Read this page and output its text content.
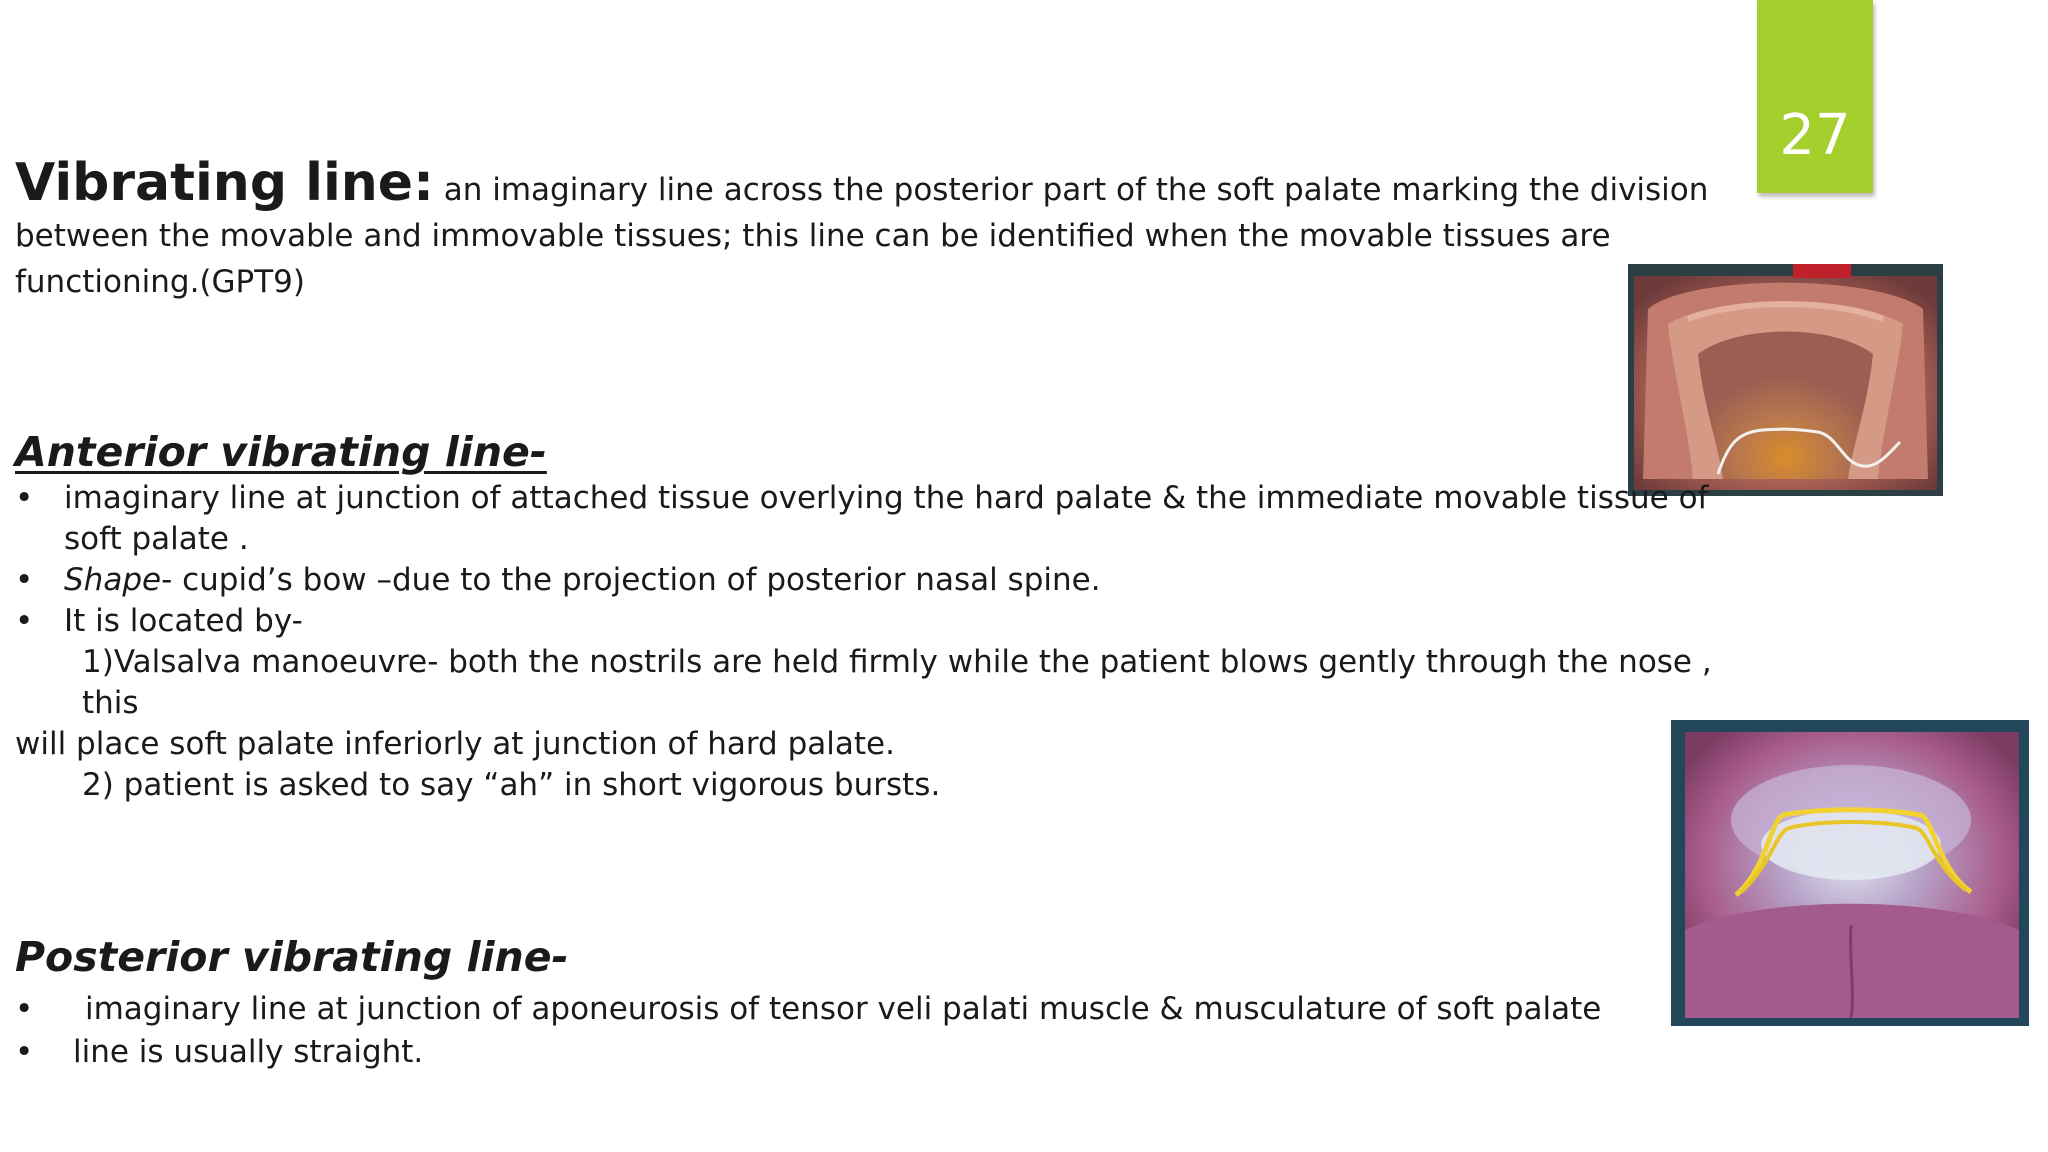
27
Vibrating line: an imaginary line across the posterior part of the soft palate marking the division between the movable and immovable tissues; this line can be identified when the movable tissues are functioning.(GPT9)
Anterior vibrating line-
• imaginary line at junction of attached tissue overlying the hard palate & the immediate movable tissue of soft palate .
• Shape- cupid’s bow –due to the projection of posterior nasal spine.
• It is located by-
1)Valsalva manoeuvre- both the nostrils are held firmly while the patient blows gently through the nose , this
will place soft palate inferiorly at junction of hard palate.
2) patient is asked to say “ah” in short vigorous bursts.
Posterior vibrating line-
• imaginary line at junction of aponeurosis of tensor veli palati muscle & musculature of soft palate
• line is usually straight.
